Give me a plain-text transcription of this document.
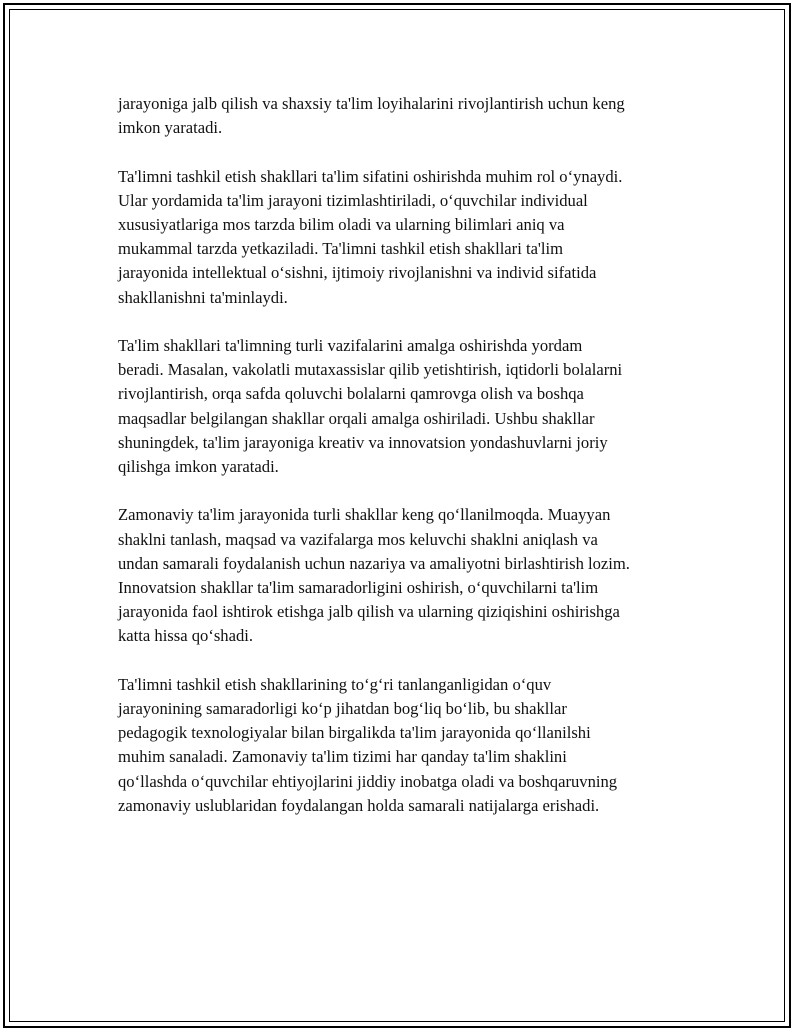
jarayoniga jalb qilish va shaxsiy ta'lim loyihalarini rivojlantirish uchun keng
imkon yaratadi.

Ta'limni tashkil etish shakllari ta'lim sifatini oshirishda muhim rol o‘ynaydi.
Ular yordamida ta'lim jarayoni tizimlashtiriladi, o‘quvchilar individual
xususiyatlariga mos tarzda bilim oladi va ularning bilimlari aniq va
mukammal tarzda yetkaziladi. Ta'limni tashkil etish shakllari ta'lim
jarayonida intellektual o‘sishni, ijtimoiy rivojlanishni va individ sifatida
shakllanishni ta'minlaydi.

Ta'lim shakllari ta'limning turli vazifalarini amalga oshirishda yordam
beradi. Masalan, vakolatli mutaxassislar qilib yetishtirish, iqtidorli bolalarni
rivojlantirish, orqa safda qoluvchi bolalarni qamrovga olish va boshqa
maqsadlar belgilangan shakllar orqali amalga oshiriladi. Ushbu shakllar
shuningdek, ta'lim jarayoniga kreativ va innovatsion yondashuvlarni joriy
qilishga imkon yaratadi.

Zamonaviy ta'lim jarayonida turli shakllar keng qo‘llanilmoqda. Muayyan
shaklni tanlash, maqsad va vazifalarga mos keluvchi shaklni aniqlash va
undan samarali foydalanish uchun nazariya va amaliyotni birlashtirish lozim.
Innovatsion shakllar ta'lim samaradorligini oshirish, o‘quvchilarni ta'lim
jarayonida faol ishtirok etishga jalb qilish va ularning qiziqishini oshirishga
katta hissa qo‘shadi.

Ta'limni tashkil etish shakllarining to‘g‘ri tanlanganligidan o‘quv
jarayonining samaradorligi ko‘p jihatdan bog‘liq bo‘lib, bu shakllar
pedagogik texnologiyalar bilan birgalikda ta'lim jarayonida qo‘llanilshi
muhim sanaladi. Zamonaviy ta'lim tizimi har qanday ta'lim shaklini
qo‘llashda o‘quvchilar ehtiyojlarini jiddiy inobatga oladi va boshqaruvning
zamonaviy uslublaridan foydalangan holda samarali natijalarga erishadi.
